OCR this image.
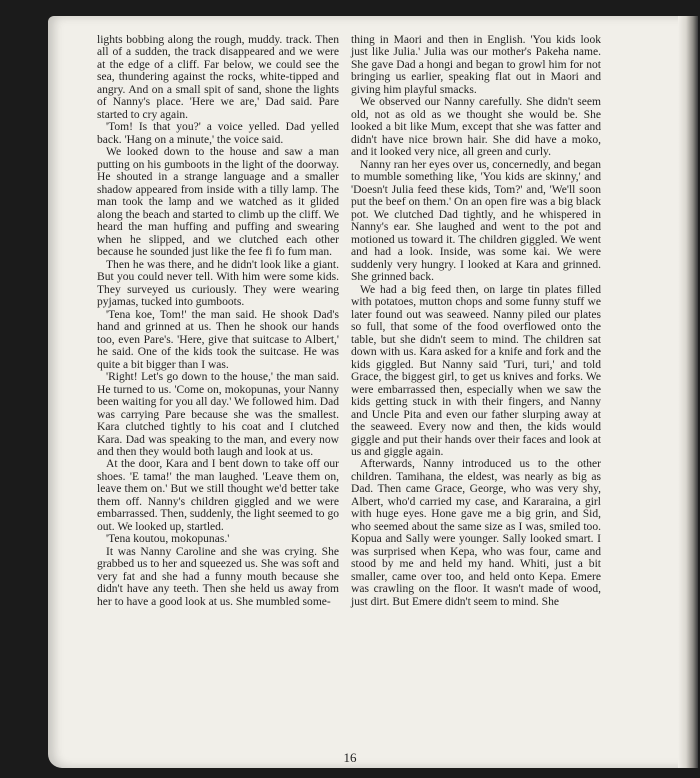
lights bobbing along the rough, muddy. track. Then all of a sudden, the track disappeared and we were at the edge of a cliff. Far below, we could see the sea, thundering against the rocks, white-tipped and angry. And on a small spit of sand, shone the lights of Nanny's place. 'Here we are,' Dad said. Pare started to cry again.

'Tom! Is that you?' a voice yelled. Dad yelled back. 'Hang on a minute,' the voice said.

We looked down to the house and saw a man putting on his gumboots in the light of the doorway. He shouted in a strange language and a smaller shadow appeared from inside with a tilly lamp. The man took the lamp and we watched as it glided along the beach and started to climb up the cliff. We heard the man huffing and puffing and swearing when he slipped, and we clutched each other because he sounded just like the fee fi fo fum man.

Then he was there, and he didn't look like a giant. But you could never tell. With him were some kids. They surveyed us curiously. They were wearing pyjamas, tucked into gumboots.

'Tena koe, Tom!' the man said. He shook Dad's hand and grinned at us. Then he shook our hands too, even Pare's. 'Here, give that suitcase to Albert,' he said. One of the kids took the suitcase. He was quite a bit bigger than I was.

'Right! Let's go down to the house,' the man said. He turned to us. 'Come on, mokopunas, your Nanny been waiting for you all day.' We followed him. Dad was carrying Pare because she was the smallest. Kara clutched tightly to his coat and I clutched Kara. Dad was speaking to the man, and every now and then they would both laugh and look at us.

At the door, Kara and I bent down to take off our shoes. 'E tama!' the man laughed. 'Leave them on, leave them on.' But we still thought we'd better take them off. Nanny's children giggled and we were embarrassed. Then, suddenly, the light seemed to go out. We looked up, startled.

'Tena koutou, mokopunas.'

It was Nanny Caroline and she was crying. She grabbed us to her and squeezed us. She was soft and very fat and she had a funny mouth because she didn't have any teeth. Then she held us away from her to have a good look at us. She mumbled some-

thing in Maori and then in English. 'You kids look just like Julia.' Julia was our mother's Pakeha name. She gave Dad a hongi and began to growl him for not bringing us earlier, speaking flat out in Maori and giving him playful smacks.

We observed our Nanny carefully. She didn't seem old, not as old as we thought she would be. She looked a bit like Mum, except that she was fatter and didn't have nice brown hair. She did have a moko, and it looked very nice, all green and curly.

Nanny ran her eyes over us, concernedly, and began to mumble something like, 'You kids are skinny,' and 'Doesn't Julia feed these kids, Tom?' and, 'We'll soon put the beef on them.' On an open fire was a big black pot. We clutched Dad tightly, and he whispered in Nanny's ear. She laughed and went to the pot and motioned us toward it. The children giggled. We went and had a look. Inside, was some kai. We were suddenly very hungry. I looked at Kara and grinned. She grinned back.

We had a big feed then, on large tin plates filled with potatoes, mutton chops and some funny stuff we later found out was seaweed. Nanny piled our plates so full, that some of the food overflowed onto the table, but she didn't seem to mind. The children sat down with us. Kara asked for a knife and fork and the kids giggled. But Nanny said 'Turi, turi,' and told Grace, the biggest girl, to get us knives and forks. We were embarrassed then, especially when we saw the kids getting stuck in with their fingers, and Nanny and Uncle Pita and even our father slurping away at the seaweed. Every now and then, the kids would giggle and put their hands over their faces and look at us and giggle again.

Afterwards, Nanny introduced us to the other children. Tamihana, the eldest, was nearly as big as Dad. Then came Grace, George, who was very shy, Albert, who'd carried my case, and Kararaina, a girl with huge eyes. Hone gave me a big grin, and Sid, who seemed about the same size as I was, smiled too. Kopua and Sally were younger. Sally looked smart. I was surprised when Kepa, who was four, came and stood by me and held my hand. Whiti, just a bit smaller, came over too, and held onto Kepa. Emere was crawling on the floor. It wasn't made of wood, just dirt. But Emere didn't seem to mind. She

16
